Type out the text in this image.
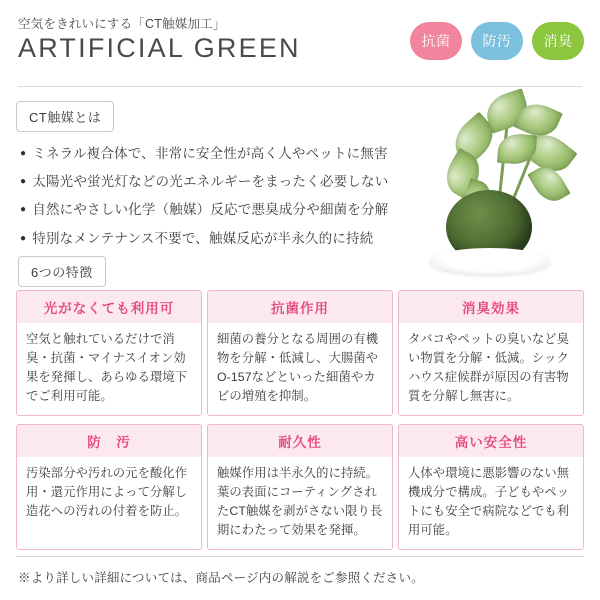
空気をきれいにする「CT触媒加工」
ARTIFICIAL GREEN	抗菌	防汚	消臭
CT触媒とは
● ミネラル複合体で、非常に安全性が高く人やペットに無害
● 太陽光や蛍光灯などの光エネルギーをまったく必要しない
● 自然にやさしい化学（触媒）反応で悪臭成分や細菌を分解
● 特別なメンテナンス不要で、触媒反応が半永久的に持続
6つの特徴
光がなくても利用可
空気と触れているだけで消臭・抗菌・マイナスイオン効果を発揮し、あらゆる環境下でご利用可能。
抗菌作用
細菌の養分となる周囲の有機物を分解・低減し、大腸菌やO-157などといった細菌やカビの増殖を抑制。
消臭効果
タバコやペットの臭いなど臭い物質を分解・低減。シックハウス症候群が原因の有害物質を分解し無害に。
防　汚
汚染部分や汚れの元を酸化作用・還元作用によって分解し造花への汚れの付着を防止。
耐久性
触媒作用は半永久的に持続。葉の表面にコーティングされたCT触媒を剥がさない限り長期にわたって効果を発揮。
高い安全性
人体や環境に悪影響のない無機成分で構成。子どもやペットにも安全で病院などでも利用可能。
※より詳しい詳細については、商品ページ内の解説をご参照ください。
